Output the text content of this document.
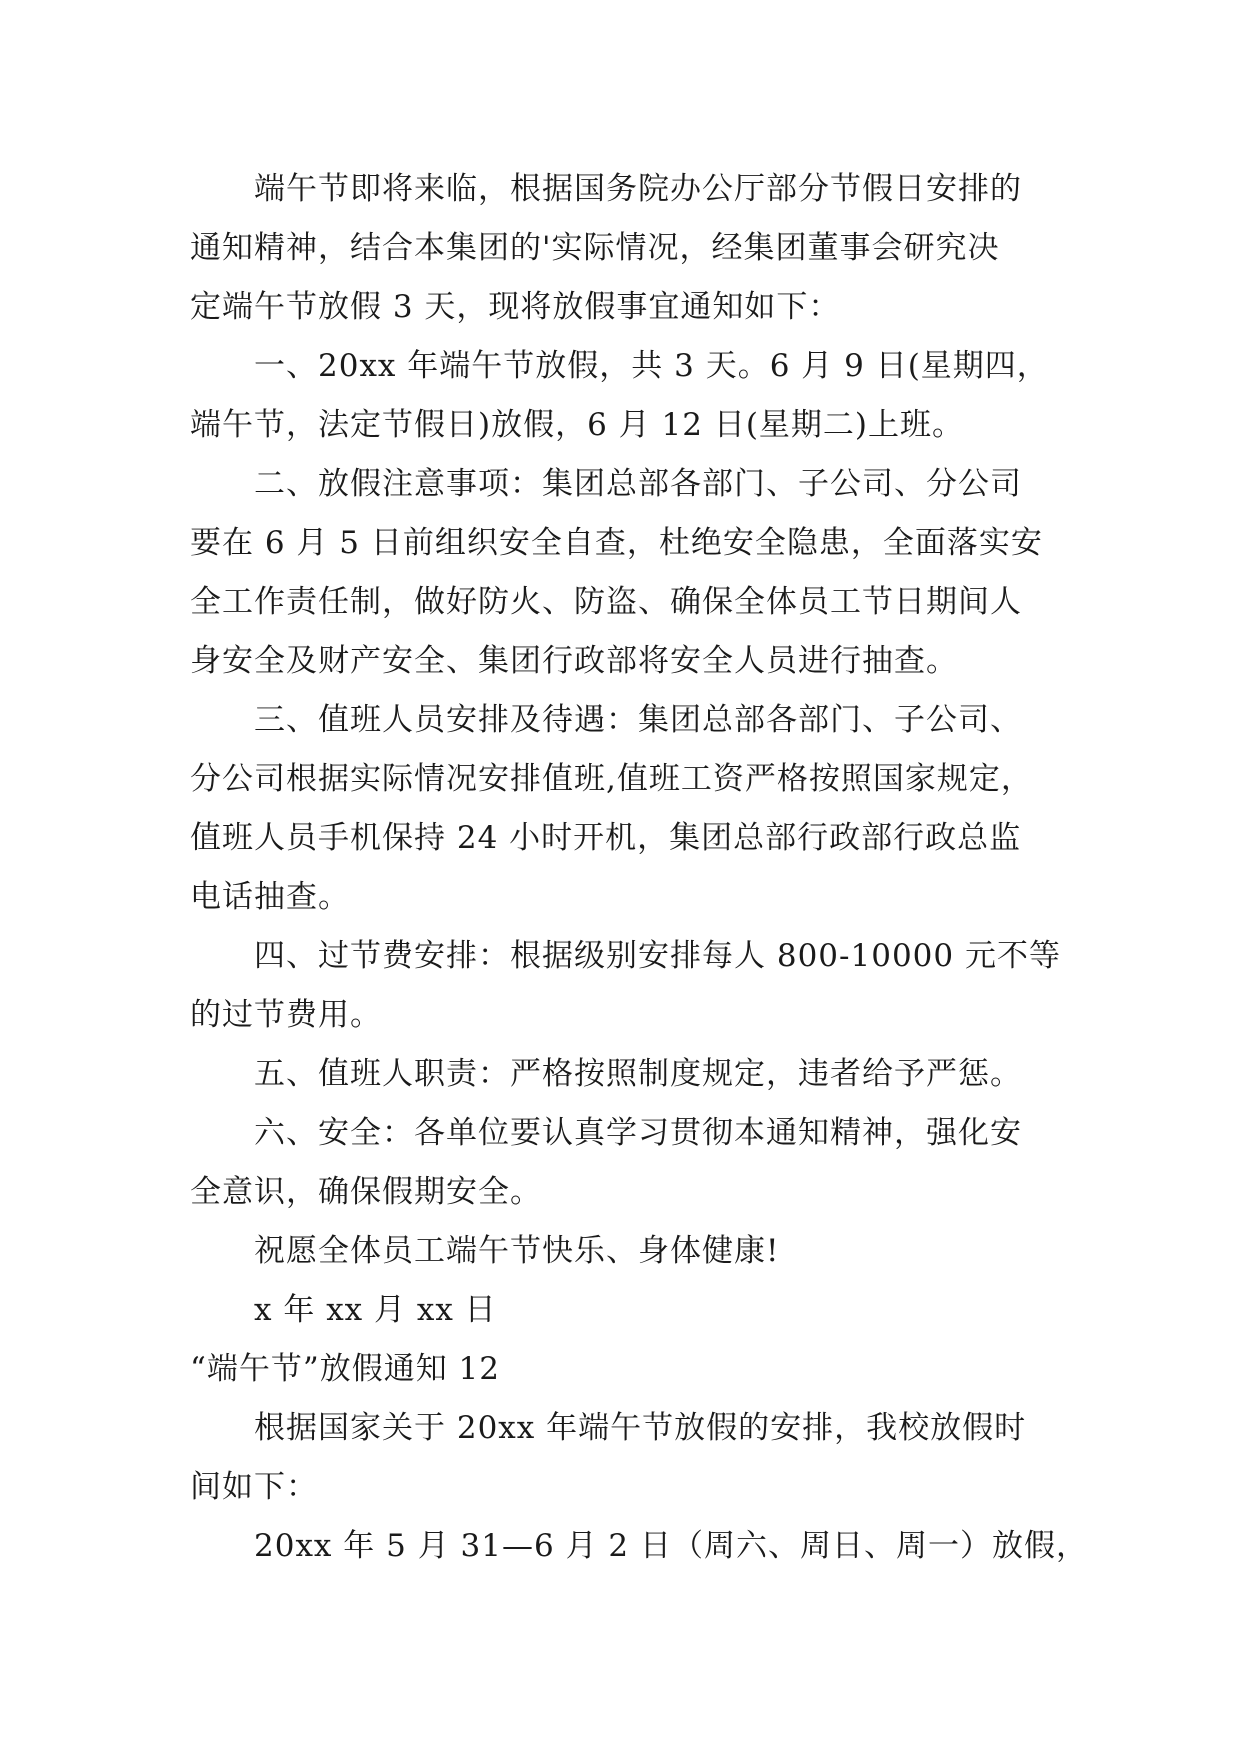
端午节即将来临，根据国务院办公厅部分节假日安排的
通知精神，结合本集团的'实际情况，经集团董事会研究决
定端午节放假 3 天，现将放假事宜通知如下：
一、20xx 年端午节放假，共 3 天。6 月 9 日(星期四，
端午节，法定节假日)放假，6 月 12 日(星期二)上班。
二、放假注意事项：集团总部各部门、子公司、分公司
要在 6 月 5 日前组织安全自查，杜绝安全隐患，全面落实安
全工作责任制，做好防火、防盗、确保全体员工节日期间人
身安全及财产安全、集团行政部将安全人员进行抽查。
三、值班人员安排及待遇：集团总部各部门、子公司、
分公司根据实际情况安排值班,值班工资严格按照国家规定，
值班人员手机保持 24 小时开机，集团总部行政部行政总监
电话抽查。
四、过节费安排：根据级别安排每人 800-10000 元不等
的过节费用。
五、值班人职责：严格按照制度规定，违者给予严惩。
六、安全：各单位要认真学习贯彻本通知精神，强化安
全意识，确保假期安全。
祝愿全体员工端午节快乐、身体健康!
x 年 xx 月 xx 日
“端午节”放假通知 12
根据国家关于 20xx 年端午节放假的安排，我校放假时
间如下：
20xx 年 5 月 31—6 月 2 日（周六、周日、周一）放假，
